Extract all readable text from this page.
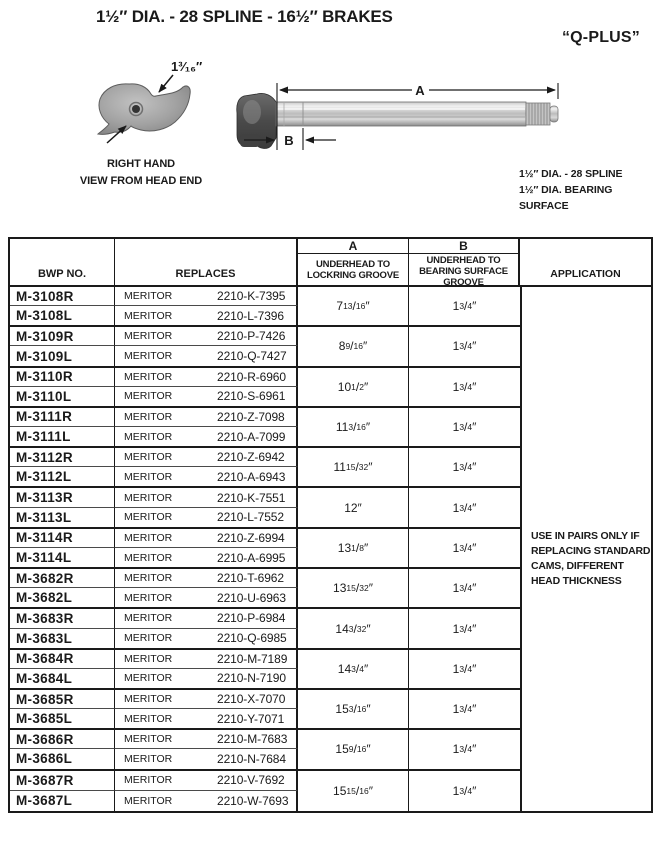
1½″ DIA. - 28 SPLINE - 16½″ BRAKES
“Q-PLUS”
1³⁄₁₆″
RIGHT HAND
VIEW FROM HEAD END
A
B
1½″ DIA. - 28 SPLINE
1½″ DIA. BEARING SURFACE
BWP NO.	REPLACES
A
UNDERHEAD TO LOCKRING GROOVE
B
UNDERHEAD TO BEARING SURFACE GROOVE
APPLICATION
M-3108R	MERITOR	2210-K-7395
M-3108L	MERITOR	2210-L-7396
7 13 / 16 ″	1 3 / 4 ″
M-3109R	MERITOR	2210-P-7426
M-3109L	MERITOR	2210-Q-7427
8 9 / 16 ″	1 3 / 4 ″
M-3110R	MERITOR	2210-R-6960
M-3110L	MERITOR	2210-S-6961
10 1 / 2 ″	1 3 / 4 ″
M-3111R	MERITOR	2210-Z-7098
M-3111L	MERITOR	2210-A-7099
11 3 / 16 ″	1 3 / 4 ″
M-3112R	MERITOR	2210-Z-6942
M-3112L	MERITOR	2210-A-6943
11 15 / 32 ″	1 3 / 4 ″
M-3113R	MERITOR	2210-K-7551
M-3113L	MERITOR	2210-L-7552
12″	1 3 / 4 ″
M-3114R	MERITOR	2210-Z-6994
M-3114L	MERITOR	2210-A-6995
13 1 / 8 ″	1 3 / 4 ″
M-3682R	MERITOR	2210-T-6962
M-3682L	MERITOR	2210-U-6963
13 15 / 32 ″	1 3 / 4 ″
M-3683R	MERITOR	2210-P-6984
M-3683L	MERITOR	2210-Q-6985
14 3 / 32 ″	1 3 / 4 ″
M-3684R	MERITOR	2210-M-7189
M-3684L	MERITOR	2210-N-7190
14 3 / 4 ″	1 3 / 4 ″
M-3685R	MERITOR	2210-X-7070
M-3685L	MERITOR	2210-Y-7071
15 3 / 16 ″	1 3 / 4 ″
M-3686R	MERITOR	2210-M-7683
M-3686L	MERITOR	2210-N-7684
15 9 / 16 ″	1 3 / 4 ″
M-3687R	MERITOR	2210-V-7692
M-3687L	MERITOR	2210-W-7693
15 15 / 16 ″	1 3 / 4 ″
USE IN PAIRS ONLY IF REPLACING STANDARD CAMS, DIFFERENT HEAD THICKNESS
